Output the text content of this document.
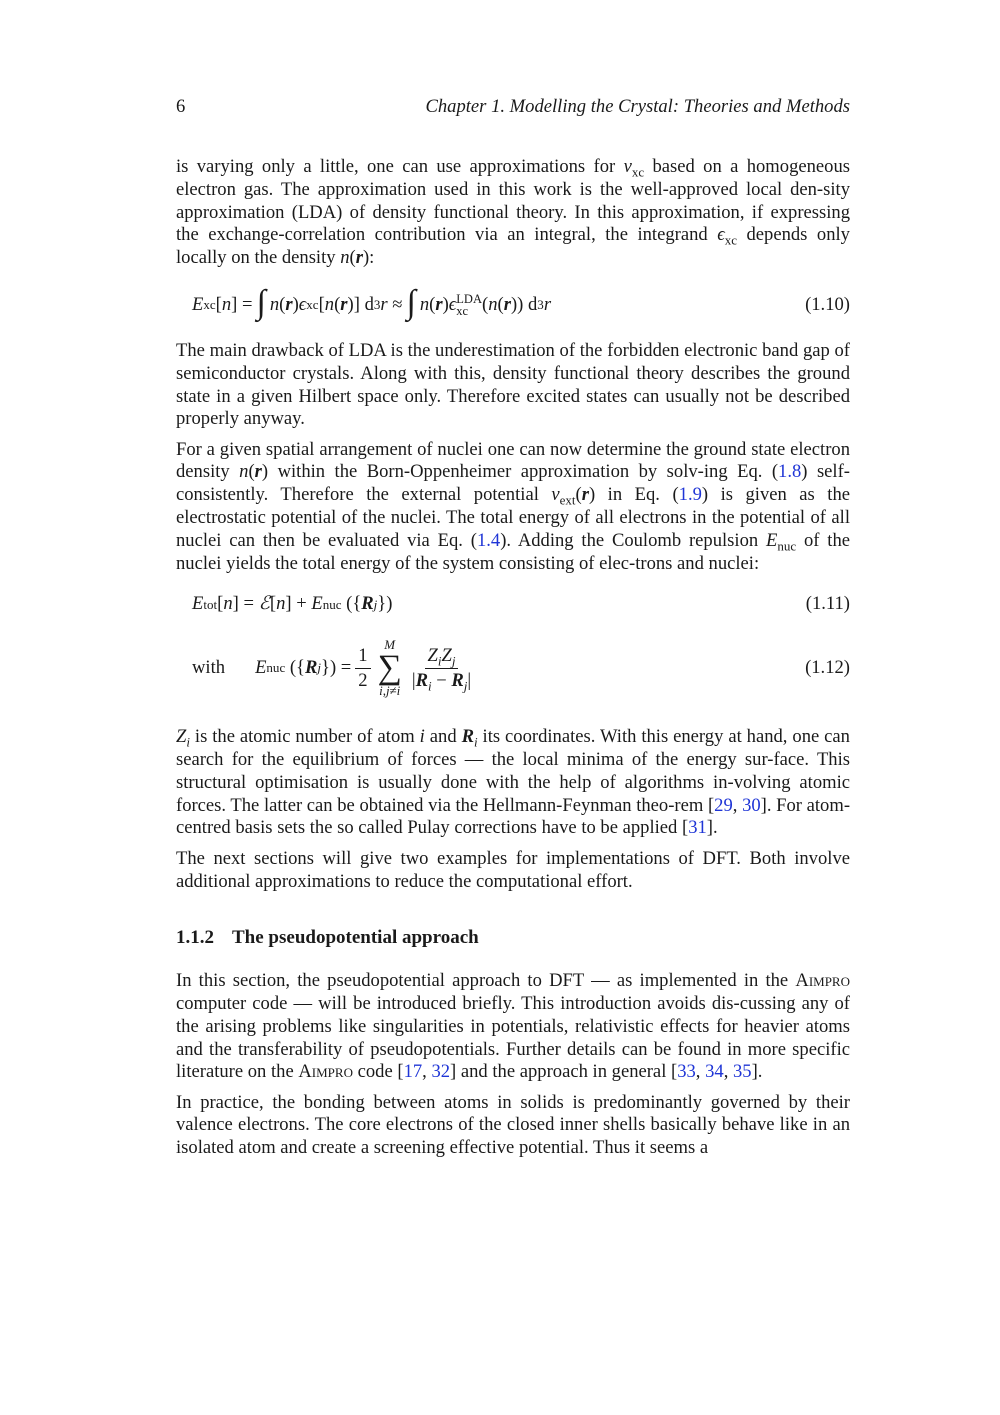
6	Chapter 1. Modelling the Crystal: Theories and Methods

is varying only a little, one can use approximations for $v_{xc}$ based on a homogeneous electron gas. The approximation used in this work is the well-approved local den-sity approximation (LDA) of density functional theory. In this approximation, if expressing the exchange-correlation contribution via an integral, the integrand $\epsilon_{xc}$ depends only locally on the density n(r):

E xc [ n ]
= ∫ n ( r ) ϵ xc [ n ( r )] d 3 r ≈ ∫ n ( r ) ϵ LDA
xc ( n ( r )) d 3 r	(1.10)

The main drawback of LDA is the underestimation of the forbidden electronic band gap of semiconductor crystals. Along with this, density functional theory describes the ground state in a given Hilbert space only. Therefore excited states can usually not be described properly anyway.

For a given spatial arrangement of nuclei one can now determine the ground state electron density n(r) within the Born-Oppenheimer approximation by solv-ing Eq. (1.8) self-consistently. Therefore the external potential $v_{ext}(r)$ in Eq. (1.9) is given as the electrostatic potential of the nuclei. The total energy of all electrons in the potential of all nuclei can then be evaluated via Eq. (1.4). Adding the Coulomb repulsion $E_{nuc}$ of the nuclei yields the total energy of the system consisting of elec-trons and nuclei:

E tot [ n ] = ℰ [ n ] + E nuc ({ R j })	(1.11)
with E nuc ({ R j }) = $\frac{1}{2}$ M
∑
$i,j\ne i \frac{Z_iZ_j}{|R_i - R_j|}$	(1.12)

$Z_i$ is the atomic number of atom i and $R_i$ its coordinates. With this energy at hand, one can search for the equilibrium of forces — the local minima of the energy sur-face. This structural optimisation is usually done with the help of algorithms in-volving atomic forces. The latter can be obtained via the Hellmann-Feynman theo-rem [29, 30]. For atom-centred basis sets the so called Pulay corrections have to be applied [31].

The next sections will give two examples for implementations of DFT. Both involve additional approximations to reduce the computational effort.

1.1.2 The pseudopotential approach

In this section, the pseudopotential approach to DFT — as implemented in the Aimpro computer code — will be introduced briefly. This introduction avoids dis-cussing any of the arising problems like singularities in potentials, relativistic effects for heavier atoms and the transferability of pseudopotentials. Further details can be found in more specific literature on the Aimpro code [17, 32] and the approach in general [33, 34, 35].

In practice, the bonding between atoms in solids is predominantly governed by their valence electrons. The core electrons of the closed inner shells basically behave like in an isolated atom and create a screening effective potential. Thus it seems a
